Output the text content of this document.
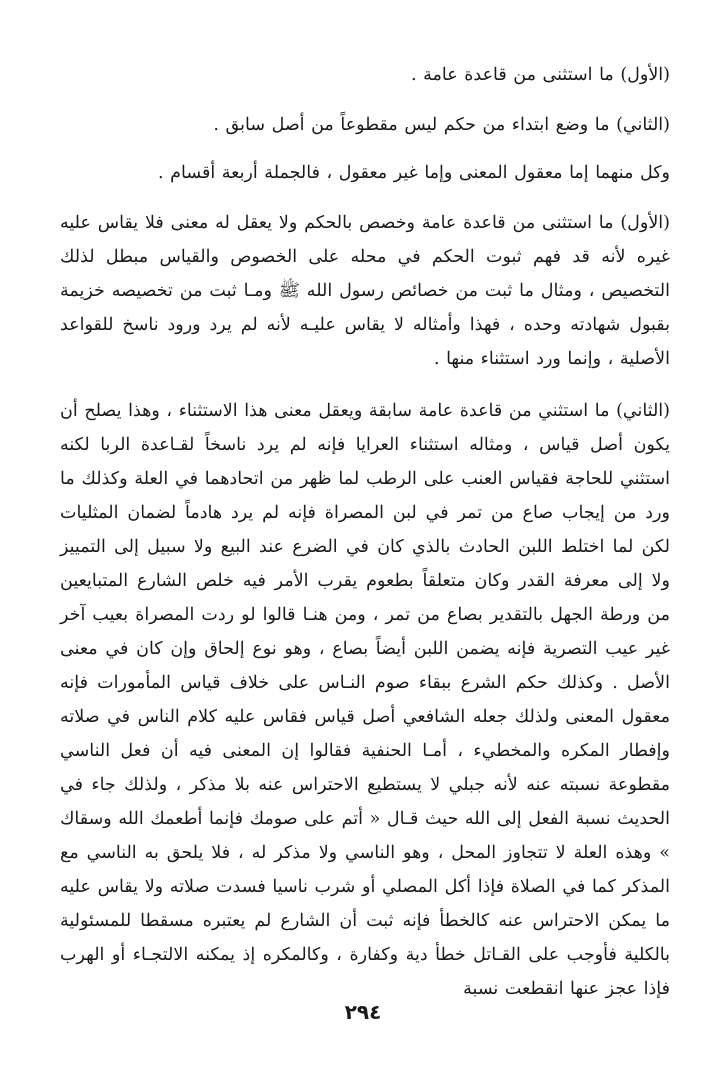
(الأول) ما استثنى من قاعدة عامة .

(الثاني) ما وضع ابتداء من حكم ليس مقطوعاً من أصل سابق .

وكل منهما إما معقول المعنى وإما غير معقول ، فالجملة أربعة أقسام .

(الأول) ما استثنى من قاعدة عامة وخصص بالحكم ولا يعقل له معنى فلا يقاس عليه غيره لأنه قد فهم ثبوت الحكم في محله على الخصوص والقياس مبطل لذلك التخصيص ، ومثال ما ثبت من خصائص رسول الله ﷺ ومـا ثبت من تخصيصه خزيمة بقبول شهادته وحده ، فهذا وأمثاله لا يقاس عليـه لأنه لم يرد ورود ناسخ للقواعد الأصلية ، وإنما ورد استثناء منها .

(الثاني) ما استثني من قاعدة عامة سابقة ويعقل معنى هذا الاستثناء ، وهذا يصلح أن يكون أصل قياس ، ومثاله استثناء العرايا فإنه لم يرد ناسخاً لقـاعدة الربا لكنه استثني للحاجة فقياس العنب على الرطب لما ظهر من اتحادهما في العلة وكذلك ما ورد من إيجاب صاع من تمر في لبن المصراة فإنه لم يرد هادماً لضمان المثليات لكن لما اختلط اللبن الحادث بالذي كان في الضرع عند البيع ولا سبيل إلى التمييز ولا إلى معرفة القدر وكان متعلقاً بطعوم يقرب الأمر فيه خلص الشارع المتبايعين من ورطة الجهل بالتقدير بصاع من تمر ، ومن هنـا قالوا لو ردت المصراة بعيب آخر غير عيب التصرية فإنه يضمن اللبن أيضاً بصاع ، وهو نوع إلحاق وإن كان في معنى الأصل . وكذلك حكم الشرع ببقاء صوم النـاس على خلاف قياس المأمورات فإنه معقول المعنى ولذلك جعله الشافعي أصل قياس فقاس عليه كلام الناس في صلاته وإفطار المكره والمخطيء ، أمـا الحنفية فقالوا إن المعنى فيه أن فعل الناسي مقطوعة نسبته عنه لأنه جبلي لا يستطيع الاحتراس عنه بلا مذكر ، ولذلك جاء في الحديث نسبة الفعل إلى الله حيث قـال « أتم على صومك فإنما أطعمك الله وسقاك » وهذه العلة لا تتجاوز المحل ، وهو الناسي ولا مذكر له ، فلا يلحق به الناسي مع المذكر كما في الصلاة فإذا أكل المصلي أو شرب ناسيا فسدت صلاته ولا يقاس عليه ما يمكن الاحتراس عنه كالخطأ فإنه ثبت أن الشارع لم يعتبره مسقطا للمسئولية بالكلية فأوجب على القـاتل خطأ دية وكفارة ، وكالمكره إذ يمكنه الالتجـاء أو الهرب فإذا عجز عنها انقطعت نسبة

٢٩٤
